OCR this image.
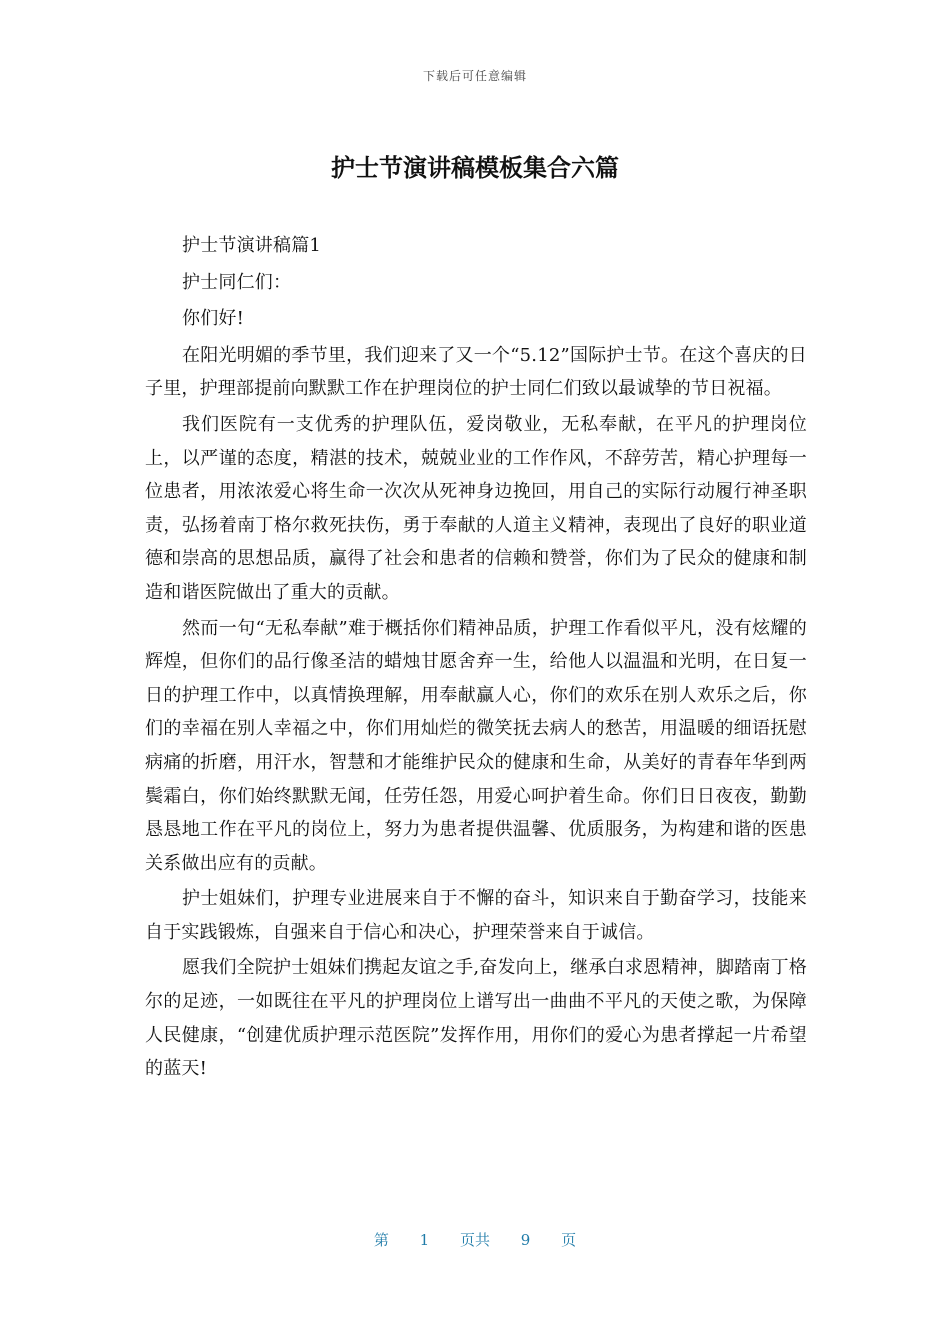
下载后可任意编辑
护士节演讲稿模板集合六篇

护士节演讲稿篇1

护士同仁们：

你们好!

在阳光明媚的季节里，我们迎来了又一个“5.12”国际护士节。在这个喜庆的日子里，护理部提前向默默工作在护理岗位的护士同仁们致以最诚挚的节日祝福。

我们医院有一支优秀的护理队伍，爱岗敬业，无私奉献，在平凡的护理岗位上，以严谨的态度，精湛的技术，兢兢业业的工作作风，不辞劳苦，精心护理每一位患者，用浓浓爱心将生命一次次从死神身边挽回，用自己的实际行动履行神圣职责，弘扬着南丁格尔救死扶伤，勇于奉献的人道主义精神，表现出了良好的职业道德和崇高的思想品质，赢得了社会和患者的信赖和赞誉，你们为了民众的健康和制造和谐医院做出了重大的贡献。

然而一句“无私奉献”难于概括你们精神品质，护理工作看似平凡，没有炫耀的辉煌，但你们的品行像圣洁的蜡烛甘愿舍弃一生，给他人以温温和光明，在日复一日的护理工作中，以真情换理解，用奉献赢人心，你们的欢乐在别人欢乐之后，你们的幸福在别人幸福之中，你们用灿烂的微笑抚去病人的愁苦，用温暖的细语抚慰病痛的折磨，用汗水，智慧和才能维护民众的健康和生命，从美好的青春年华到两鬓霜白，你们始终默默无闻，任劳任怨，用爱心呵护着生命。你们日日夜夜，勤勤恳恳地工作在平凡的岗位上，努力为患者提供温馨、优质服务，为构建和谐的医患关系做出应有的贡献。

护士姐妹们，护理专业进展来自于不懈的奋斗，知识来自于勤奋学习，技能来自于实践锻炼，自强来自于信心和决心，护理荣誉来自于诚信。

愿我们全院护士姐妹们携起友谊之手,奋发向上，继承白求恩精神，脚踏南丁格尔的足迹，一如既往在平凡的护理岗位上谱写出一曲曲不平凡的天使之歌，为保障人民健康，“创建优质护理示范医院”发挥作用，用你们的爱心为患者撑起一片希望的蓝天!

第 1 页共 9 页
